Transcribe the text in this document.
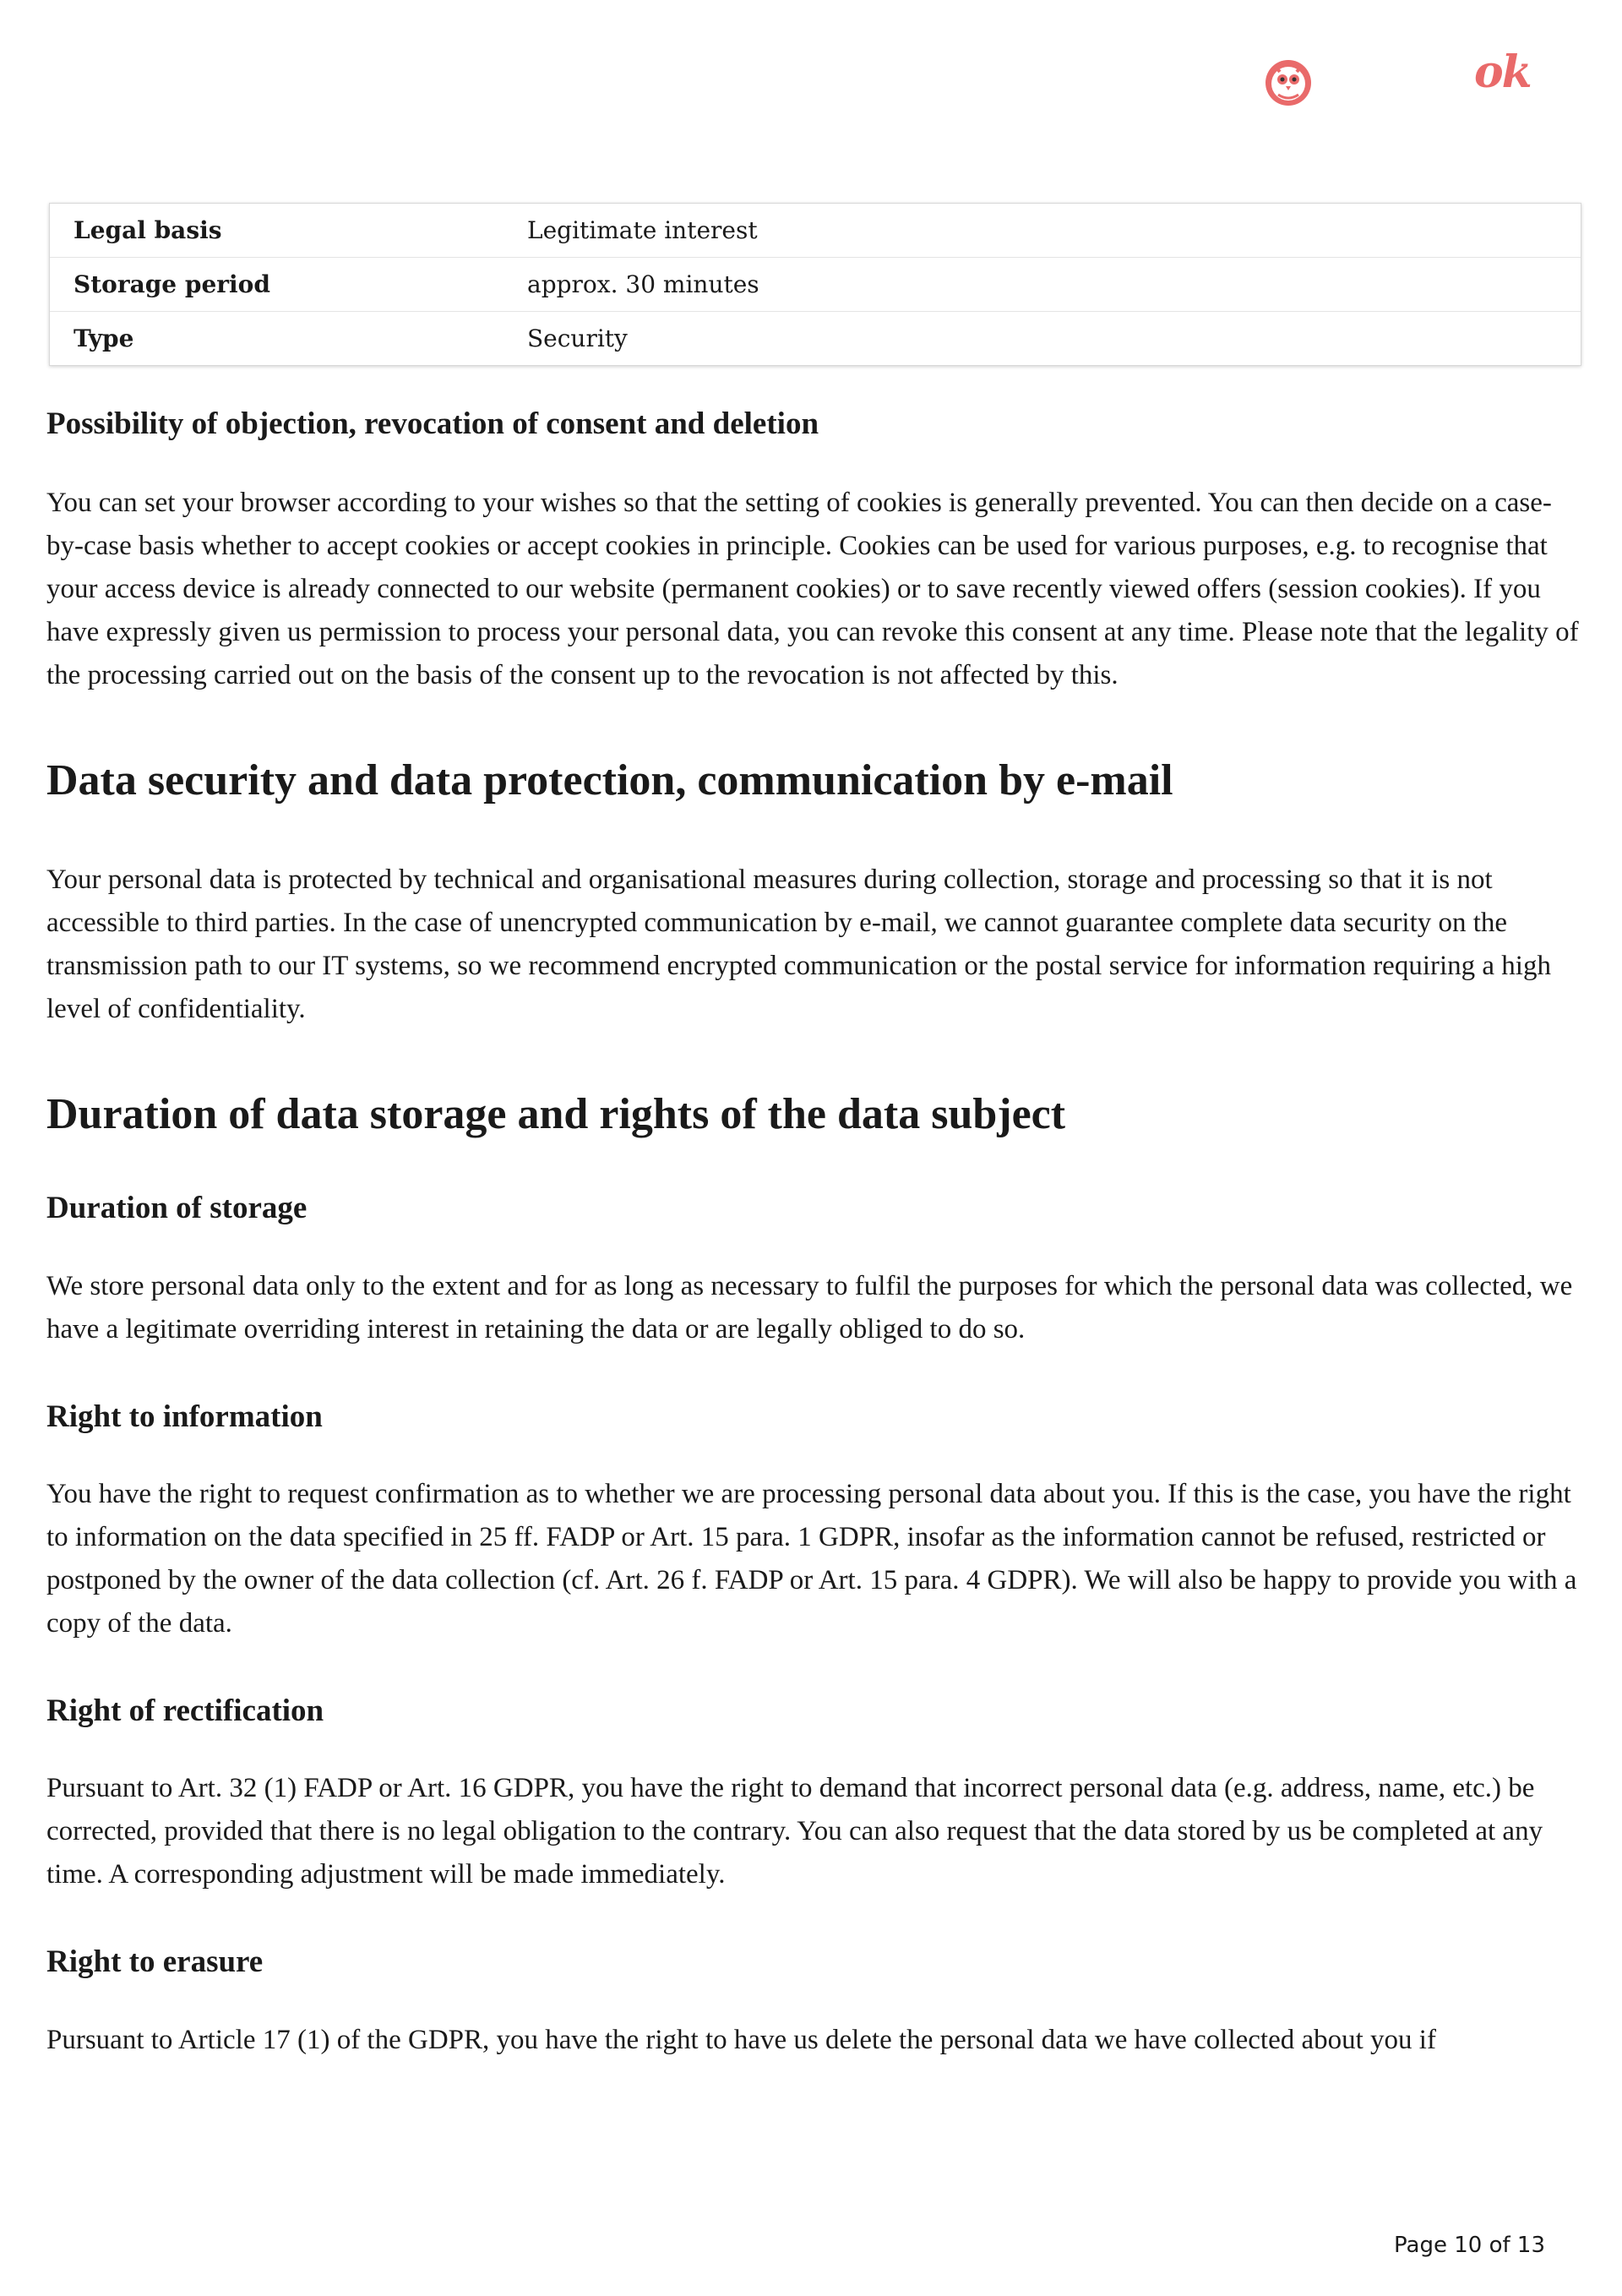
ok
Legal basis	Legitimate interest
Storage period	approx. 30 minutes
Type	Security
Possibility of objection, revocation of consent and deletion

You can set your browser according to your wishes so that the setting of cookies is generally prevented. You can then decide on a case-by-case basis whether to accept cookies or accept cookies in principle. Cookies can be used for various purposes, e.g. to recognise that your access device is already connected to our website (permanent cookies) or to save recently viewed offers (session cookies). If you have expressly given us permission to process your personal data, you can revoke this consent at any time. Please note that the legality of the processing carried out on the basis of the consent up to the revocation is not affected by this.

Data security and data protection, communication by e-mail

Your personal data is protected by technical and organisational measures during collection, storage and processing so that it is not accessible to third parties. In the case of unencrypted communication by e-mail, we cannot guarantee complete data security on the transmission path to our IT systems, so we recommend encrypted communication or the postal service for information requiring a high level of confidentiality.

Duration of data storage and rights of the data subject
Duration of storage

We store personal data only to the extent and for as long as necessary to fulfil the purposes for which the personal data was collected, we have a legitimate overriding interest in retaining the data or are legally obliged to do so.

Right to information

You have the right to request confirmation as to whether we are processing personal data about you. If this is the case, you have the right to information on the data specified in 25 ff. FADP or Art. 15 para. 1 GDPR, insofar as the information cannot be refused, restricted or postponed by the owner of the data collection (cf. Art. 26 f. FADP or Art. 15 para. 4 GDPR). We will also be happy to provide you with a copy of the data.

Right of rectification

Pursuant to Art. 32 (1) FADP or Art. 16 GDPR, you have the right to demand that incorrect personal data (e.g. address, name, etc.) be corrected, provided that there is no legal obligation to the contrary. You can also request that the data stored by us be completed at any time. A corresponding adjustment will be made immediately.

Right to erasure

Pursuant to Article 17 (1) of the GDPR, you have the right to have us delete the personal data we have collected about you if

Page 10 of 13
